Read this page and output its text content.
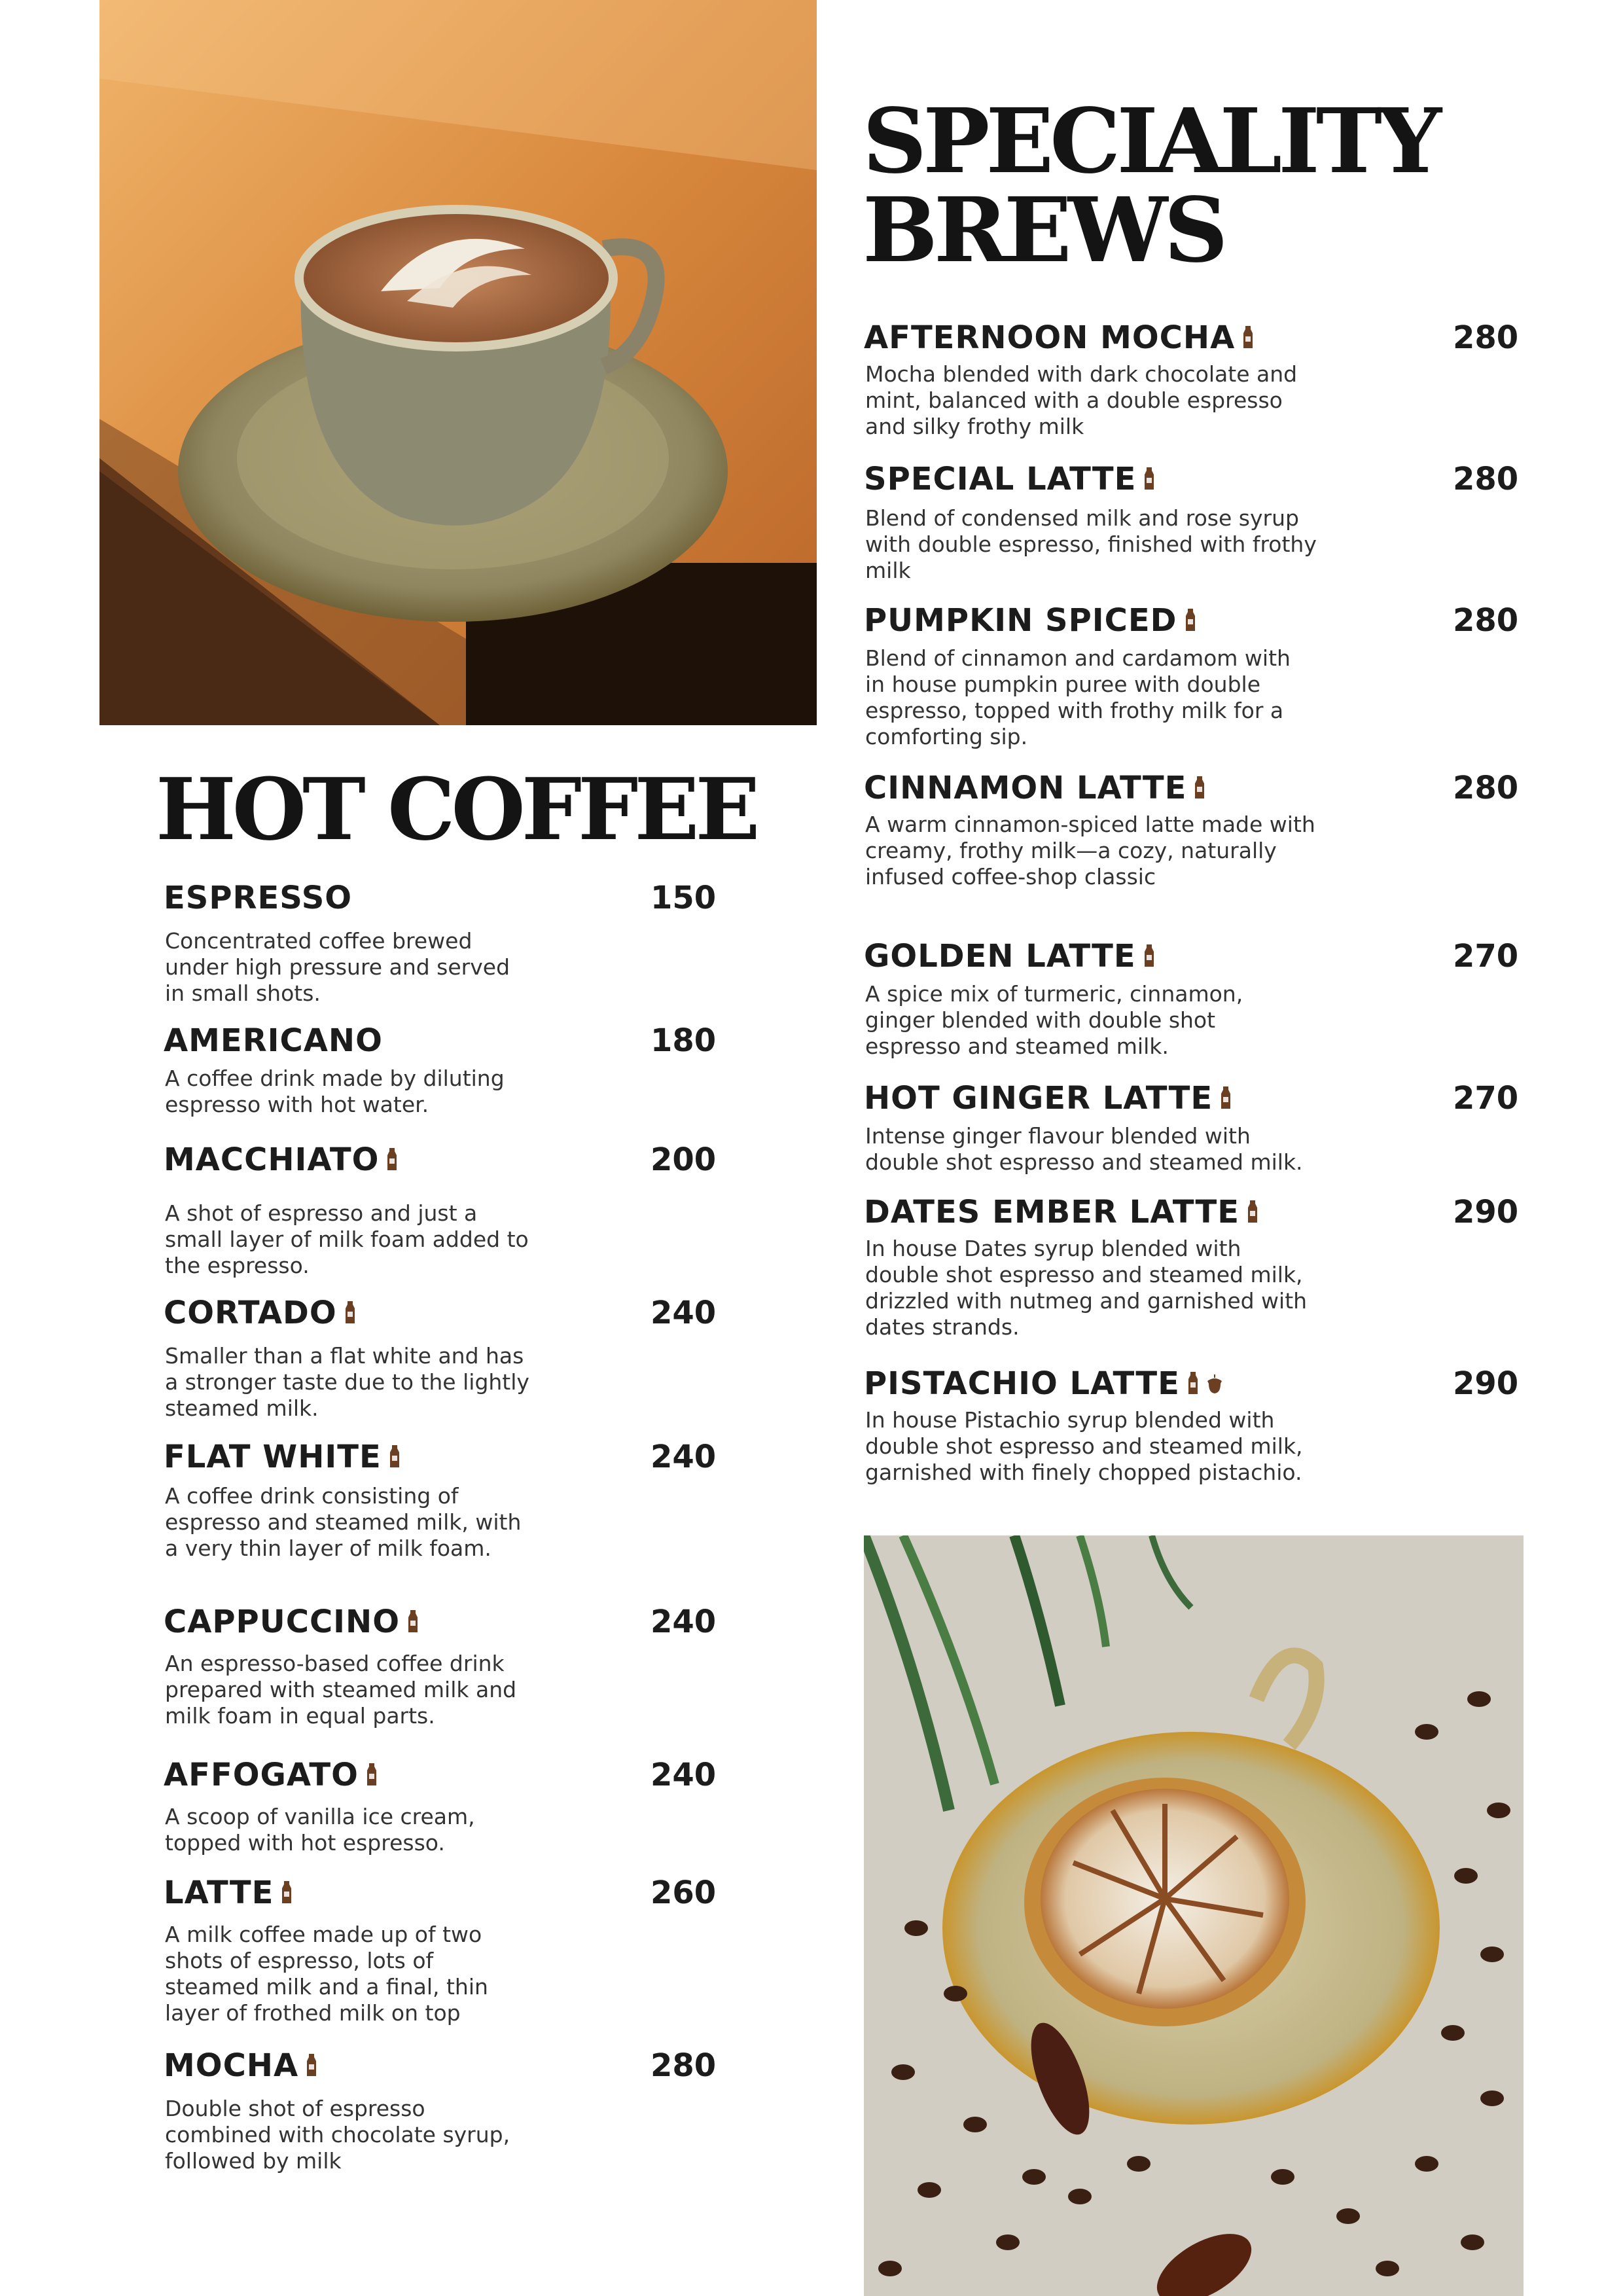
HOT COFFEE
ESPRESSO	150

Concentrated coffee brewed under high pressure and served in small shots.

AMERICANO	180

A coffee drink made by diluting espresso with hot water.

MACCHIATO	200

A shot of espresso and just a small layer of milk foam added to the espresso.

CORTADO	240

Smaller than a flat white and has a stronger taste due to the lightly steamed milk.

FLAT WHITE	240

A coffee drink consisting of espresso and steamed milk, with a very thin layer of milk foam.

CAPPUCCINO	240

An espresso-based coffee drink prepared with steamed milk and milk foam in equal parts.

AFFOGATO	240

A scoop of vanilla ice cream, topped with hot espresso.

LATTE	260

A milk coffee made up of two shots of espresso, lots of steamed milk and a final, thin layer of frothed milk on top

MOCHA	280

Double shot of espresso combined with chocolate syrup, followed by milk

SPECIALITY
BREWS
AFTERNOON MOCHA	280

Mocha blended with dark chocolate and mint, balanced with a double espresso and silky frothy milk

SPECIAL LATTE	280

Blend of condensed milk and rose syrup with double espresso, finished with frothy milk

PUMPKIN SPICED	280

Blend of cinnamon and cardamom with in house pumpkin puree with double espresso, topped with frothy milk for a comforting sip.

CINNAMON LATTE	280

A warm cinnamon-spiced latte made with creamy, frothy milk—a cozy, naturally infused coffee-shop classic

GOLDEN LATTE	270

A spice mix of turmeric, cinnamon, ginger blended with double shot espresso and steamed milk.

HOT GINGER LATTE	270

Intense ginger flavour blended with double shot espresso and steamed milk.

DATES EMBER LATTE	290

In house Dates syrup blended with double shot espresso and steamed milk, drizzled with nutmeg and garnished with dates strands.

PISTACHIO LATTE	290

In house Pistachio syrup blended with double shot espresso and steamed milk, garnished with finely chopped pistachio.
